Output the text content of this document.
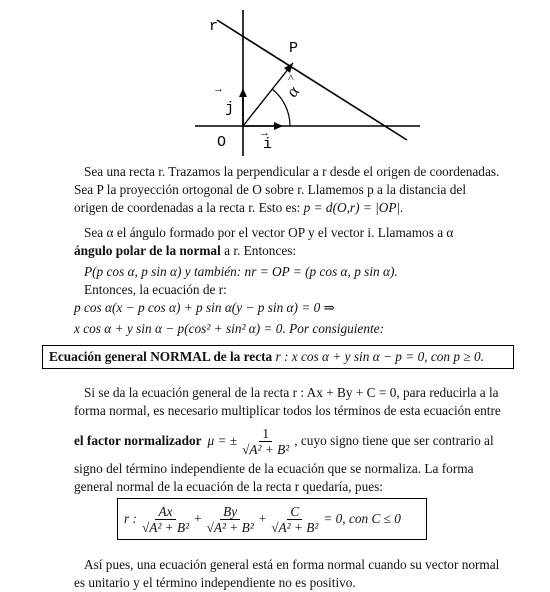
r
P
O
j
→
i
→
α
^
Sea una recta r. Trazamos la perpendicular a r desde el origen de coordenadas.
Sea P la proyección ortogonal de O sobre r. Llamemos p a la distancia del
origen de coordenadas a la recta r. Esto es: p = d(O,r) = |OP|.
Sea α el ángulo formado por el vector OP y el vector i. Llamamos a α
ángulo polar de la normal a r. Entonces:
P(p cos α, p sin α) y también: nr = OP = (p cos α, p sin α).
Entonces, la ecuación de r:
p cos α(x − p cos α) + p sin α(y − p sin α) = 0 ⇒
x cos α + y sin α − p(cos² + sin² α) = 0. Por consiguiente:
Ecuación general NORMAL de la recta r : x cos α + y sin α − p = 0, con p ≥ 0.
Si se da la ecuación general de la recta r : Ax + By + C = 0, para reducirla a la
forma normal, es necesario multiplicar todos los términos de esta ecuación entre
el factor normalizador μ = ± $\frac{1}{\text{√A² + B²}}$ , cuyo signo tiene que ser contrario al
signo del término independiente de la ecuación que se normaliza. La forma
general normal de la ecuación de la recta r quedaría, pues:
r : $\frac{Ax}{\text{√A² + B²}} + \frac{By}{\text{√A² + B²}} + \frac{C}{\text{√A² + B²}} = 0$, con C ≤ 0
Así pues, una ecuación general está en forma normal cuando su vector normal
es unitario y el término independiente no es positivo.
